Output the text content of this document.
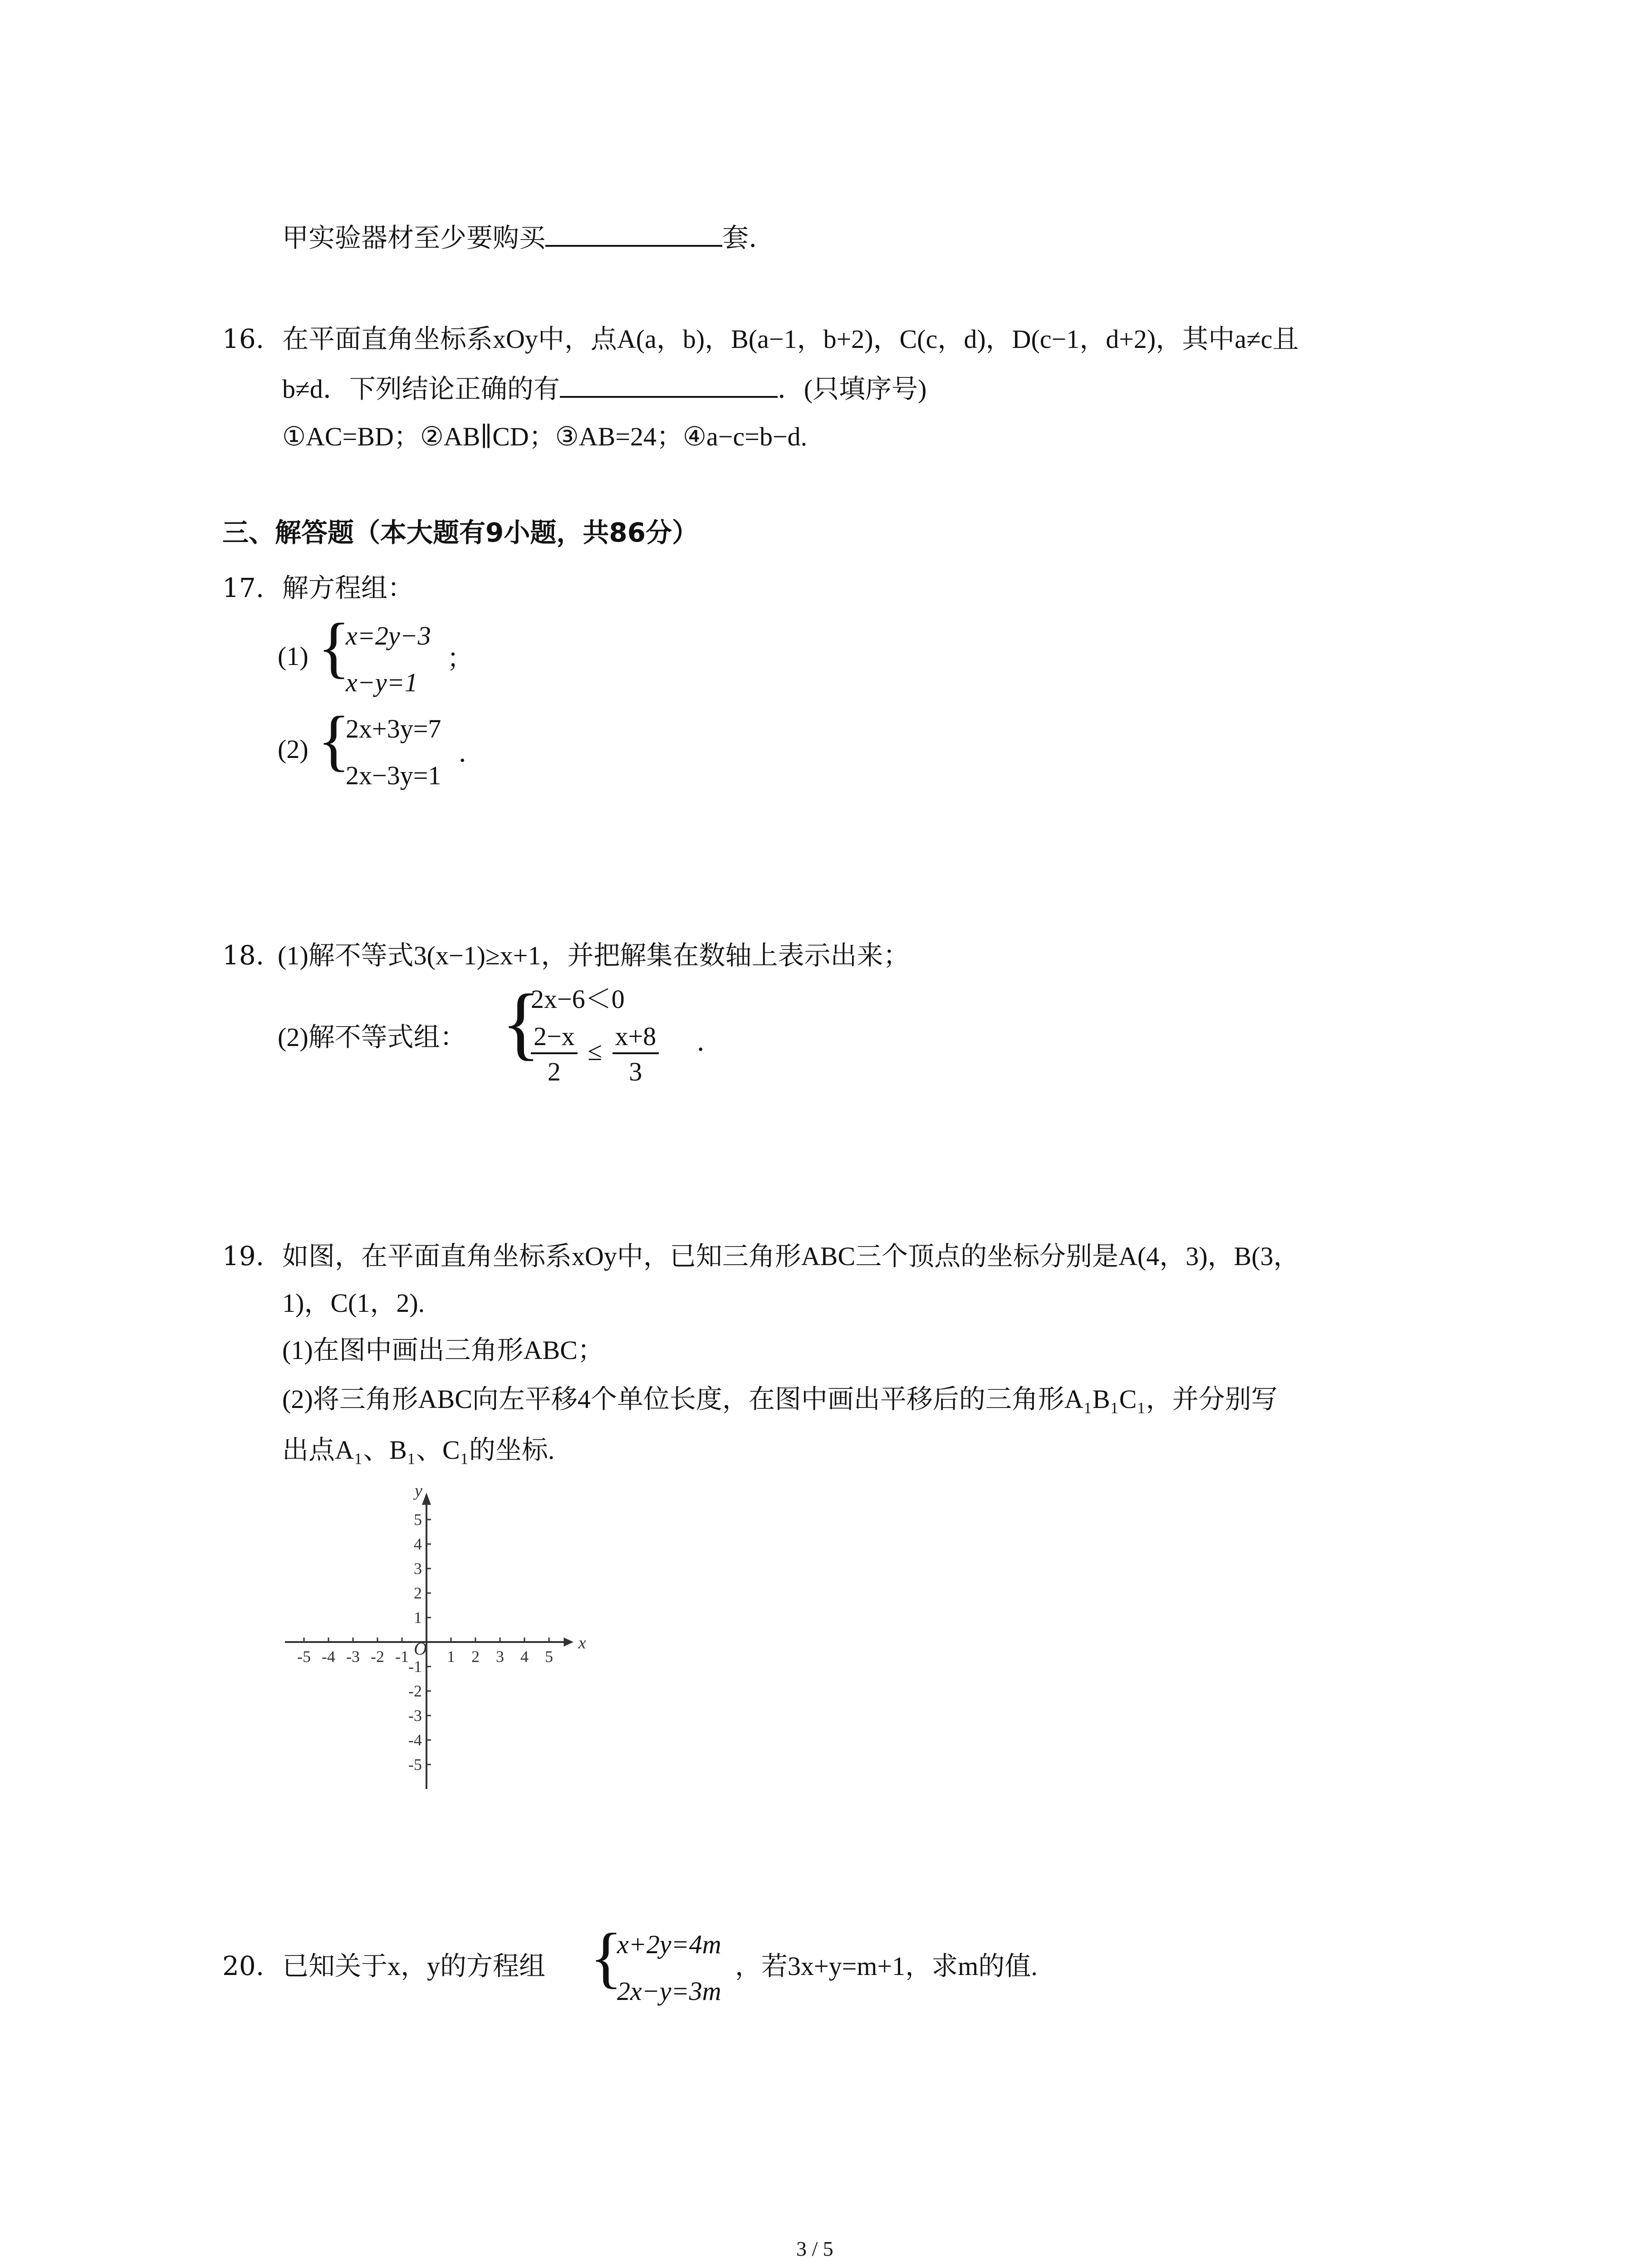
甲实验器材至少要购买	套.
16. 在平面直角坐标系xOy中，点A(a，b)，B(a−1，b+2)，C(c，d)，D(c−1，d+2)，其中a≠c且
b≠d．下列结论正确的有	．(只填序号)
①AC=BD；②AB∥CD；③AB=24；④a−c=b−d.
三、解答题（本大题有9小题，共86分）
17. 解方程组：
(1) {
x=2y−3
x−y=1
；
(2) {
2x+3y=7
2x−3y=1
.
18. (1)解不等式3(x−1)≥x+1，并把解集在数轴上表示出来；
(2)解不等式组： {
2x−6＜0
$\frac{2-x}{2} \le \frac{x+8}{3}$ .
19. 如图，在平面直角坐标系xOy中，已知三角形ABC三个顶点的坐标分别是A(4，3)，B(3，
1)，C(1，2).
(1)在图中画出三角形ABC；
(2)将三角形ABC向左平移4个单位长度，在图中画出平移后的三角形A₁B₁C₁，并分别写
出点A₁、B₁、C₁的坐标.
-5 -4 -3 -2 -1 1 2 3 4 5
5
4
3
2
1
-1
-2
-3
-4
-5
x
y
O
20. 已知关于x，y的方程组 {
x+2y=4m
2x−y=3m
，若3x+y=m+1，求m的值.
3 / 5
